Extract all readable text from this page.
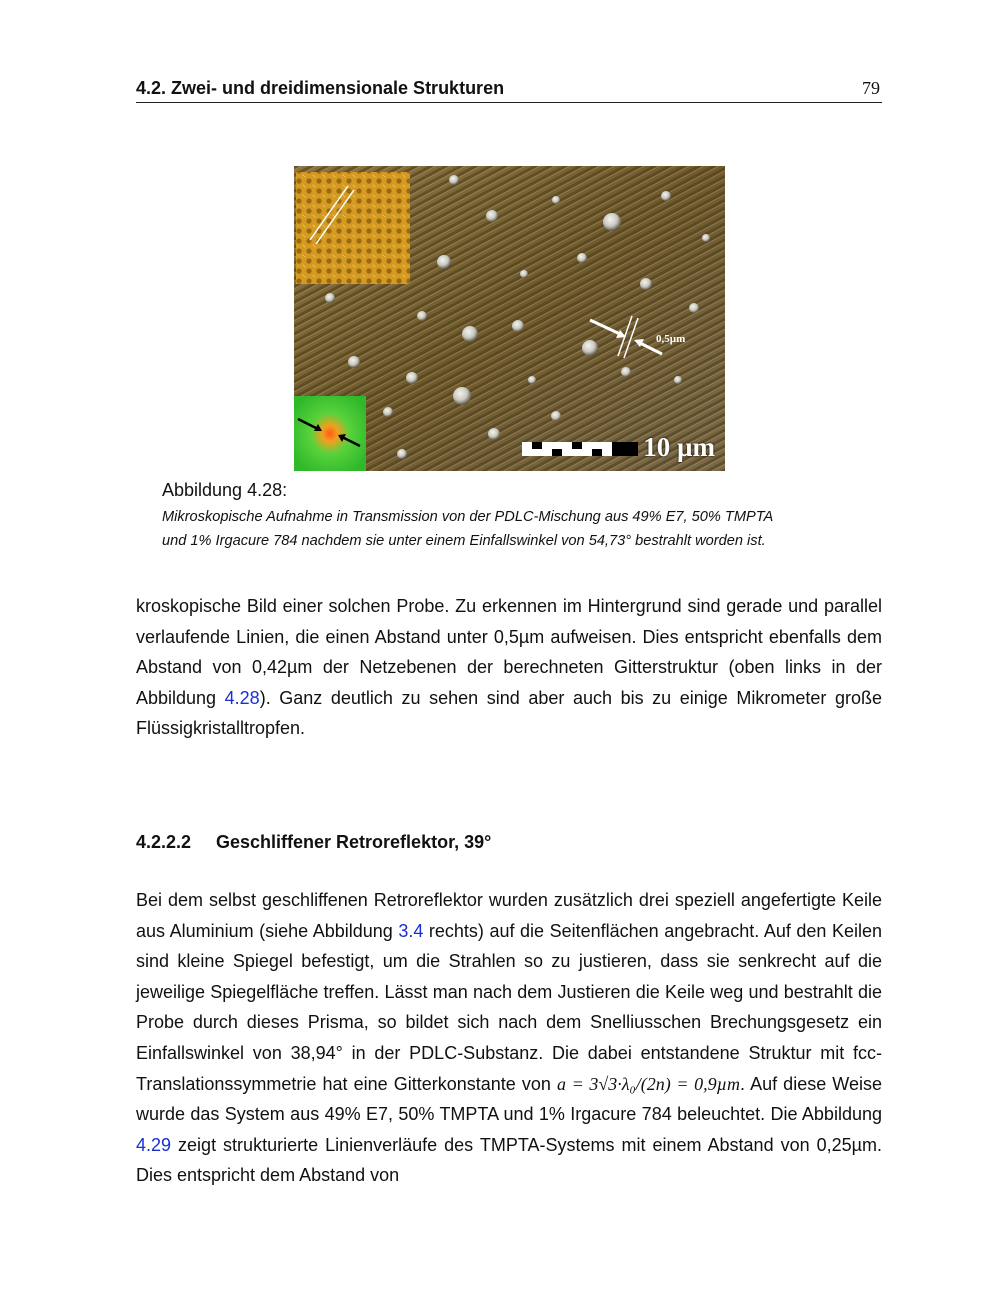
4.2. Zwei- und dreidimensionale Strukturen	79
0,5µm
10 µm
Abbildung 4.28:
Mikroskopische Aufnahme in Transmission von der PDLC-Mischung aus 49% E7, 50% TMPTA
und 1% Irgacure 784 nachdem sie unter einem Einfallswinkel von 54,73° bestrahlt worden ist.

kroskopische Bild einer solchen Probe. Zu erkennen im Hintergrund sind gerade und parallel verlaufende Linien, die einen Abstand unter 0,5µm aufweisen. Dies entspricht ebenfalls dem Abstand von 0,42µm der Netzebenen der berechneten Gitterstruktur (oben links in der Abbildung 4.28). Ganz deutlich zu sehen sind aber auch bis zu einige Mikrometer große Flüssigkristalltropfen.

4.2.2.2 Geschliffener Retroreflektor, 39°

Bei dem selbst geschliffenen Retroreflektor wurden zusätzlich drei speziell angefertigte Keile aus Aluminium (siehe Abbildung 3.4 rechts) auf die Seitenflächen angebracht. Auf den Keilen sind kleine Spiegel befestigt, um die Strahlen so zu justieren, dass sie senkrecht auf die jeweilige Spiegelfläche treffen. Lässt man nach dem Justieren die Keile weg und bestrahlt die Probe durch dieses Prisma, so bildet sich nach dem Snelliusschen Brechungsgesetz ein Einfallswinkel von 38,94° in der PDLC-Substanz. Die dabei entstandene Struktur mit fcc-Translationssymmetrie hat eine Gitterkonstante von a = 3√3·λ₀/(2n) = 0,9µm. Auf diese Weise wurde das System aus 49% E7, 50% TMPTA und 1% Irgacure 784 beleuchtet. Die Abbildung 4.29 zeigt strukturierte Linienverläufe des TMPTA-Systems mit einem Abstand von 0,25µm. Dies entspricht dem Abstand von
